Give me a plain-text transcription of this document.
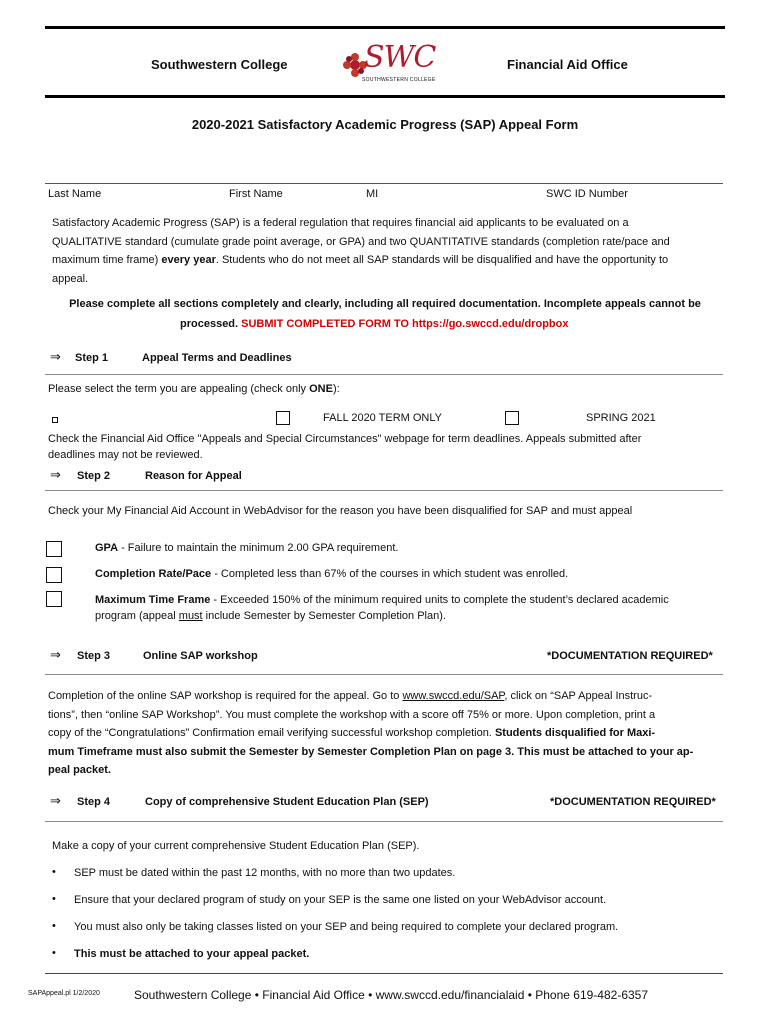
Southwestern College	SWC
SOUTHWESTERN COLLEGE
Financial Aid Office
2020-2021 Satisfactory Academic Progress (SAP) Appeal Form
Last Name	First Name	MI	SWC ID Number
Satisfactory Academic Progress (SAP) is a federal regulation that requires financial aid applicants to be evaluated on a
QUALITATIVE standard (cumulate grade point average, or GPA) and two QUANTITATIVE standards (completion rate/pace and
maximum time frame) every year. Students who do not meet all SAP standards will be disqualified and have the opportunity to
appeal.
Please complete all sections completely and clearly, including all required documentation. Incomplete appeals cannot be
processed. SUBMIT COMPLETED FORM TO https://go.swccd.edu/dropbox
⇒ Step 1	Appeal Terms and Deadlines
Please select the term you are appealing (check only ONE):
FALL 2020 TERM ONLY	SPRING 2021
Check the Financial Aid Office "Appeals and Special Circumstances" webpage for term deadlines. Appeals submitted after
deadlines may not be reviewed.
⇒ Step 2	Reason for Appeal
Check your My Financial Aid Account in WebAdvisor for the reason you have been disqualified for SAP and must appeal
GPA - Failure to maintain the minimum 2.00 GPA requirement.
Completion Rate/Pace - Completed less than 67% of the courses in which student was enrolled.
Maximum Time Frame - Exceeded 150% of the minimum required units to complete the student’s declared academic
program (appeal must include Semester by Semester Completion Plan).
⇒ Step 3	Online SAP workshop	*DOCUMENTATION REQUIRED*
Completion of the online SAP workshop is required for the appeal. Go to www.swccd.edu/SAP, click on “SAP Appeal Instruc-
tions”, then “online SAP Workshop”. You must complete the workshop with a score off 75% or more. Upon completion, print a
copy of the “Congratulations” Confirmation email verifying successful workshop completion. Students disqualified for Maxi-
mum Timeframe must also submit the Semester by Semester Completion Plan on page 3. This must be attached to your ap-
peal packet.
⇒ Step 4	Copy of comprehensive Student Education Plan (SEP)	*DOCUMENTATION REQUIRED*
Make a copy of your current comprehensive Student Education Plan (SEP).
• SEP must be dated within the past 12 months, with no more than two updates.
• Ensure that your declared program of study on your SEP is the same one listed on your WebAdvisor account.
• You must also only be taking classes listed on your SEP and being required to complete your declared program.
• This must be attached to your appeal packet.
SAPAppeal.pl 1/2/2020	Southwestern College • Financial Aid Office • www.swccd.edu/financialaid • Phone 619-482-6357
